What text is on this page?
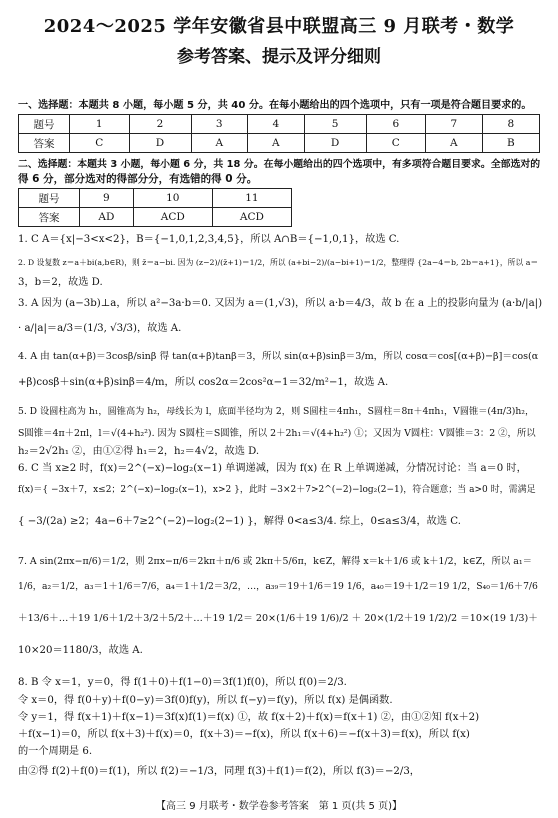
2024～2025 学年安徽省县中联盟高三 9 月联考・数学
参考答案、提示及评分细则
一、选择题：本题共 8 小题，每小题 5 分，共 40 分。在每小题给出的四个选项中，只有一项是符合题目要求的。
题号	1	2	3	4	5	6	7	8
答案	C	D	A	A	D	C	A	B
二、选择题：本题共 3 小题，每小题 6 分，共 18 分。在每小题给出的四个选项中，有多项符合题目要求。全部选对的
得 6 分，部分选对的得部分分，有选错的得 0 分。
题号	9	10	11
答案	AD	ACD	ACD
1. C A＝{x|−3<x<2}，B＝{−1,0,1,2,3,4,5}，所以 A∩B＝{−1,0,1}，故选 C.
2. D 设复数 z＝a＋bi(a,b∈R)，则 z̄＝a−bi. 因为 (z−2)/(z̄+1)＝1/2，所以 (a+bi−2)/(a−bi+1)＝1/2，整理得 {2a−4＝b, 2b＝a+1}，所以 a＝
3，b＝2，故选 D.
3. A 因为 (a−3b)⊥a，所以 a²−3a·b＝0. 又因为 a＝(1,√3)，所以 a·b＝4/3，故 b 在 a 上的投影向量为 (a·b/|a|)
· a/|a|＝a/3＝(1/3, √3/3)，故选 A.
4. A 由 tan(α+β)＝3cosβ/sinβ 得 tan(α+β)tanβ＝3，所以 sin(α+β)sinβ＝3/m，所以 cosα＝cos[(α+β)−β]＝cos(α
+β)cosβ＋sin(α+β)sinβ＝4/m，所以 cos2α＝2cos²α−1＝32/m²−1，故选 A.
5. D 设圆柱高为 h₁，圆锥高为 h₂，母线长为 l，底面半径均为 2，则 S圆柱＝4πh₁，S圆柱＝8π＋4πh₁，V圆锥＝(4π/3)h₂，
S圆锥＝4π＋2πl，l＝√(4+h₂²). 因为 S圆柱＝S圆锥，所以 2＋2h₁＝√(4+h₂²) ①；又因为 V圆柱：V圆锥＝3：2 ②，所以
h₂＝2√2h₁ ②，由①②得 h₁＝2，h₂＝4√2，故选 D.
6. C 当 x≥2 时，f(x)＝2^(−x)−log₂(x−1) 单调递减，因为 f(x) 在 R 上单调递减，分情况讨论：当 a＝0 时，
f(x)＝{ −3x＋7，x≤2；2^(−x)−log₂(x−1)，x>2 }，此时 −3×2＋7>2^(−2)−log₂(2−1)，符合题意；当 a>0 时，需满足
{ −3/(2a) ≥2；4a−6＋7≥2^(−2)−log₂(2−1) }，解得 0<a≤3/4. 综上，0≤a≤3/4，故选 C.
7. A sin(2πx−π/6)＝1/2，则 2πx−π/6＝2kπ＋π/6 或 2kπ＋5/6π，k∈Z，解得 x＝k＋1/6 或 k＋1/2，k∈Z，所以 a₁＝
1/6，a₂＝1/2，a₃＝1＋1/6＝7/6，a₄＝1＋1/2＝3/2，…，a₃₉＝19＋1/6＝19 1/6，a₄₀＝19＋1/2＝19 1/2，S₄₀＝1/6＋7/6
＋13/6＋…＋19 1/6＋1/2＋3/2＋5/2＋…＋19 1/2＝ 20×(1/6＋19 1/6)/2 ＋ 20×(1/2＋19 1/2)/2 ＝10×(19 1/3)＋
10×20＝1180/3，故选 A.
8. B 令 x＝1，y＝0，得 f(1＋0)＋f(1−0)＝3f(1)f(0)，所以 f(0)＝2/3.
令 x＝0，得 f(0＋y)＋f(0−y)＝3f(0)f(y)，所以 f(−y)＝f(y)，所以 f(x) 是偶函数.
令 y＝1，得 f(x＋1)＋f(x−1)＝3f(x)f(1)＝f(x) ①，故 f(x＋2)＋f(x)＝f(x＋1) ②，由①②知 f(x＋2)
＋f(x−1)＝0，所以 f(x＋3)＋f(x)＝0，f(x＋3)＝−f(x)，所以 f(x＋6)＝−f(x＋3)＝f(x)，所以 f(x)
的一个周期是 6.
由②得 f(2)＋f(0)＝f(1)，所以 f(2)＝−1/3，同理 f(3)＋f(1)＝f(2)，所以 f(3)＝−2/3，
【高三 9 月联考・数学卷参考答案　第 1 页(共 5 页)】
